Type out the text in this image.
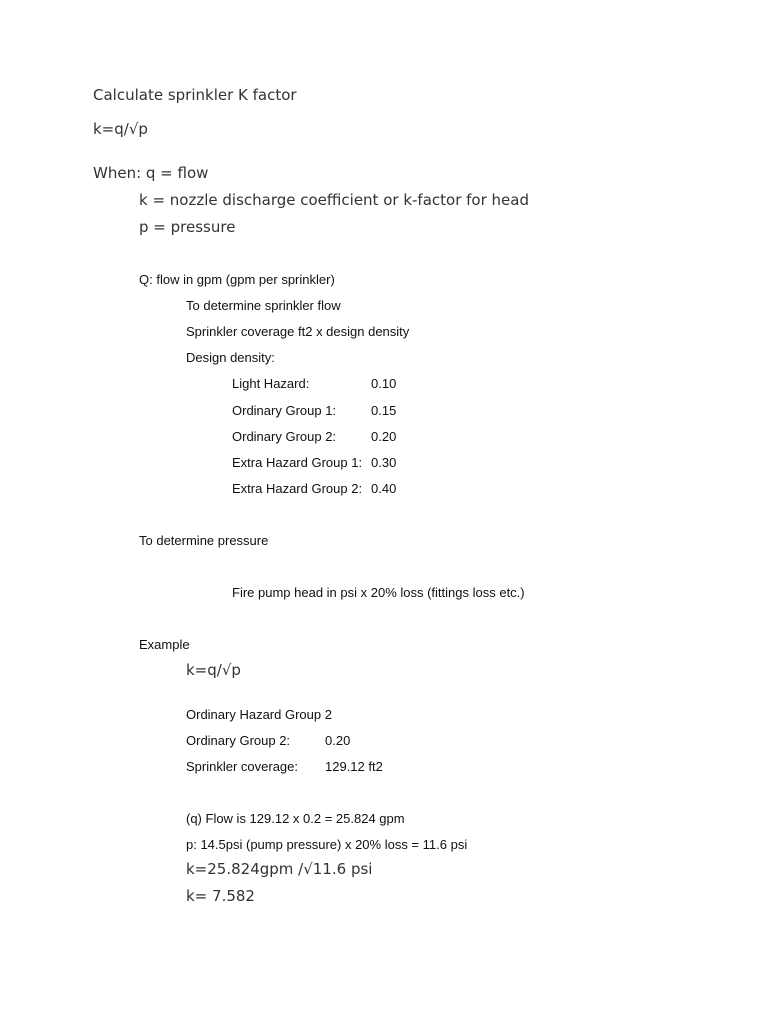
Calculate sprinkler K factor
k=q/√p
When: q = flow
k = nozzle discharge coefficient or k-factor for head
p = pressure
Q: flow in gpm (gpm per sprinkler)
To determine sprinkler flow
Sprinkler coverage ft2 x design density
Design density:
Light Hazard:	0.10
Ordinary Group 1:	0.15
Ordinary Group 2:	0.20
Extra Hazard Group 1: 0.30
Extra Hazard Group 2: 0.40
To determine pressure
Fire pump head in psi x 20% loss (fittings loss etc.)
Example
k=q/√p
Ordinary Hazard Group 2
Ordinary Group 2:	0.20
Sprinkler coverage: 129.12 ft2
(q) Flow is 129.12 x 0.2 = 25.824 gpm
p: 14.5psi (pump pressure) x 20% loss = 11.6 psi
k=25.824gpm /√11.6 psi
k= 7.582
